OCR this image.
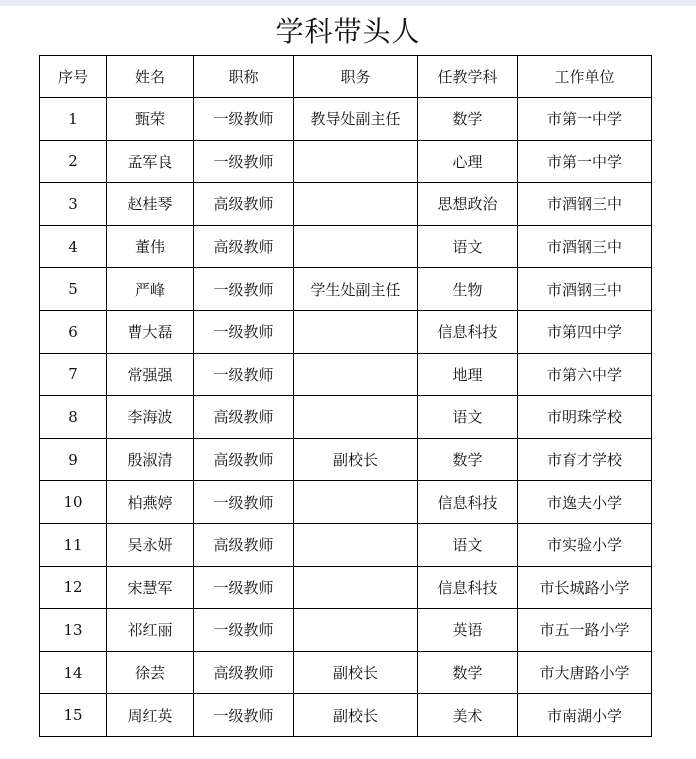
学科带头人
序号	姓名	职称	职务	任教学科	工作单位
1	甄荣	一级教师	教导处副主任	数学	市第一中学
2	孟军良	一级教师		心理	市第一中学
3	赵桂琴	高级教师		思想政治	市酒钢三中
4	董伟	高级教师		语文	市酒钢三中
5	严峰	一级教师	学生处副主任	生物	市酒钢三中
6	曹大磊	一级教师		信息科技	市第四中学
7	常强强	一级教师		地理	市第六中学
8	李海波	高级教师		语文	市明珠学校
9	殷淑清	高级教师	副校长	数学	市育才学校
10	柏燕婷	一级教师		信息科技	市逸夫小学
11	吴永妍	高级教师		语文	市实验小学
12	宋慧军	一级教师		信息科技	市长城路小学
13	祁红丽	一级教师		英语	市五一路小学
14	徐芸	高级教师	副校长	数学	市大唐路小学
15	周红英	一级教师	副校长	美术	市南湖小学
